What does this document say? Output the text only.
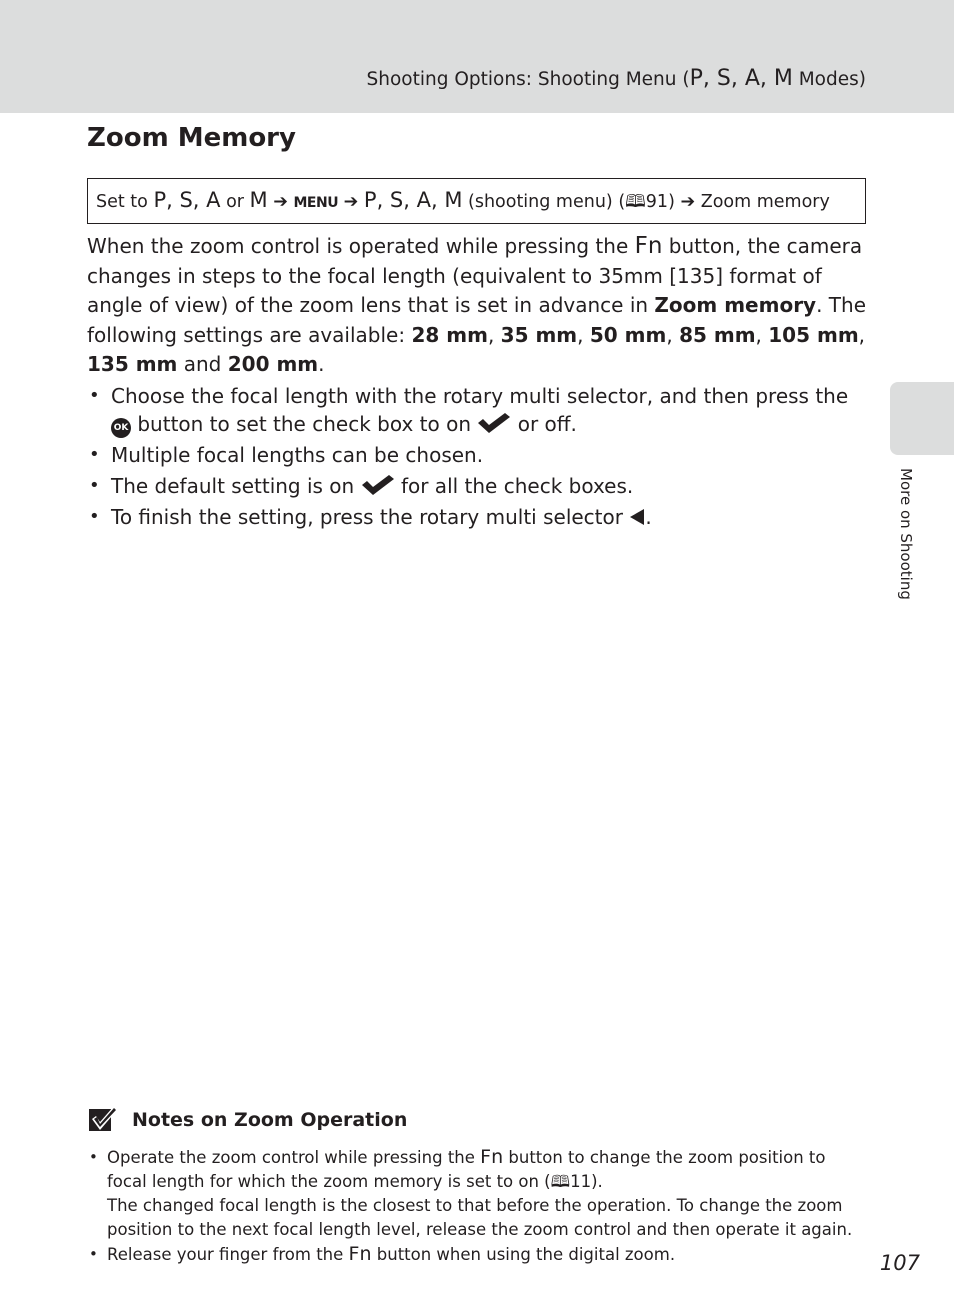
Shooting Options: Shooting Menu (P, S, A, M Modes)
Zoom Memory
Set to P, S, A or M ➔ MENU ➔ P, S, A, M (shooting menu) (🕮91) ➔ Zoom memory

When the zoom control is operated while pressing the Fn button, the camera changes in steps to the focal length (equivalent to 35mm [135] format of angle of view) of the zoom lens that is set in advance in Zoom memory. The following settings are available: 28 mm, 35 mm, 50 mm, 85 mm, 105 mm, 135 mm and 200 mm.

• Choose the focal length with the rotary multi selector, and then press the OK button to set the check box to on  or off.
• Multiple focal lengths can be chosen.
• The default setting is on  for all the check boxes.
• To finish the setting, press the rotary multi selector .	More on Shooting
Notes on Zoom Operation
• Operate the zoom control while pressing the Fn button to change the zoom position to focal length for which the zoom memory is set to on (🕮11).
The changed focal length is the closest to that before the operation. To change the zoom position to the next focal length level, release the zoom control and then operate it again.
• Release your finger from the Fn button when using the digital zoom.	107
